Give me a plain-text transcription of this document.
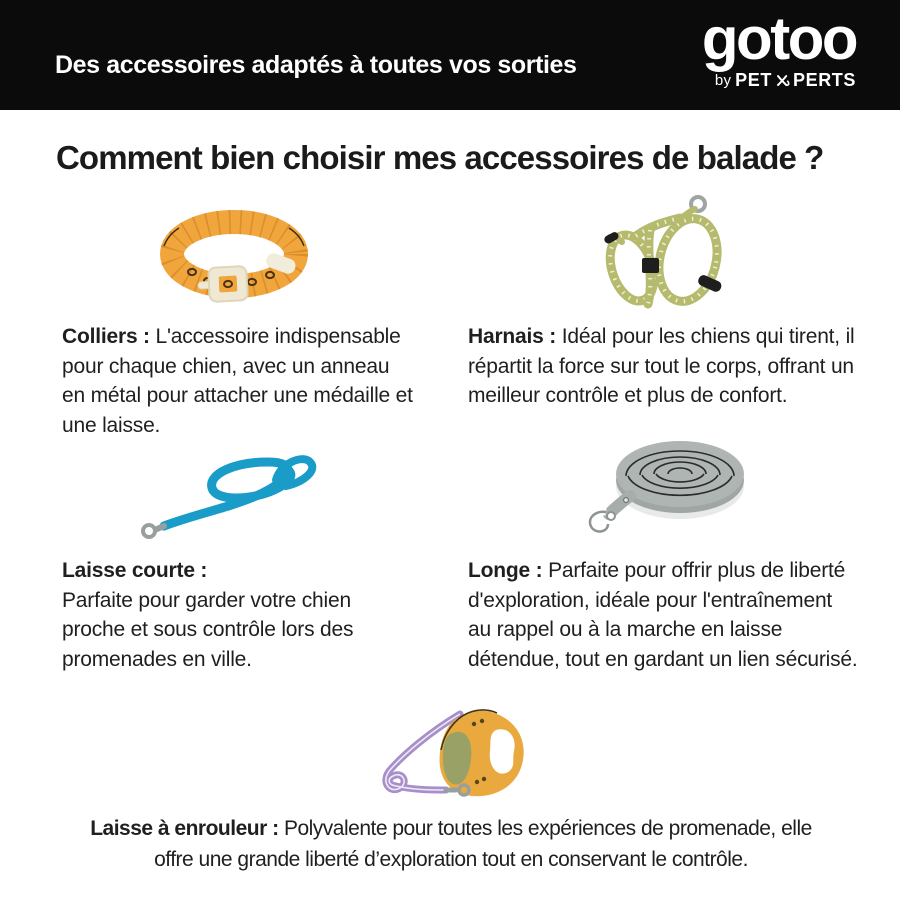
Des accessoires adaptés à toutes vos sorties gotoo
by PET PERTS
Comment bien choisir mes accessoires de balade ?

Colliers : L'accessoire indispensable pour chaque chien, avec un anneau en métal pour attacher une médaille et une laisse.

Harnais : Idéal pour les chiens qui tirent, il répartit la force sur tout le corps, offrant un meilleur contrôle et plus de confort.

Laisse courte :
Parfaite pour garder votre chien proche et sous contrôle lors des promenades en ville.

Longe : Parfaite pour offrir plus de liberté d'exploration, idéale pour l'entraînement au rappel ou à la marche en laisse détendue, tout en gardant un lien sécurisé.

Laisse à enrouleur : Polyvalente pour toutes les expériences de promenade, elle offre une grande liberté d’exploration tout en conservant le contrôle.
